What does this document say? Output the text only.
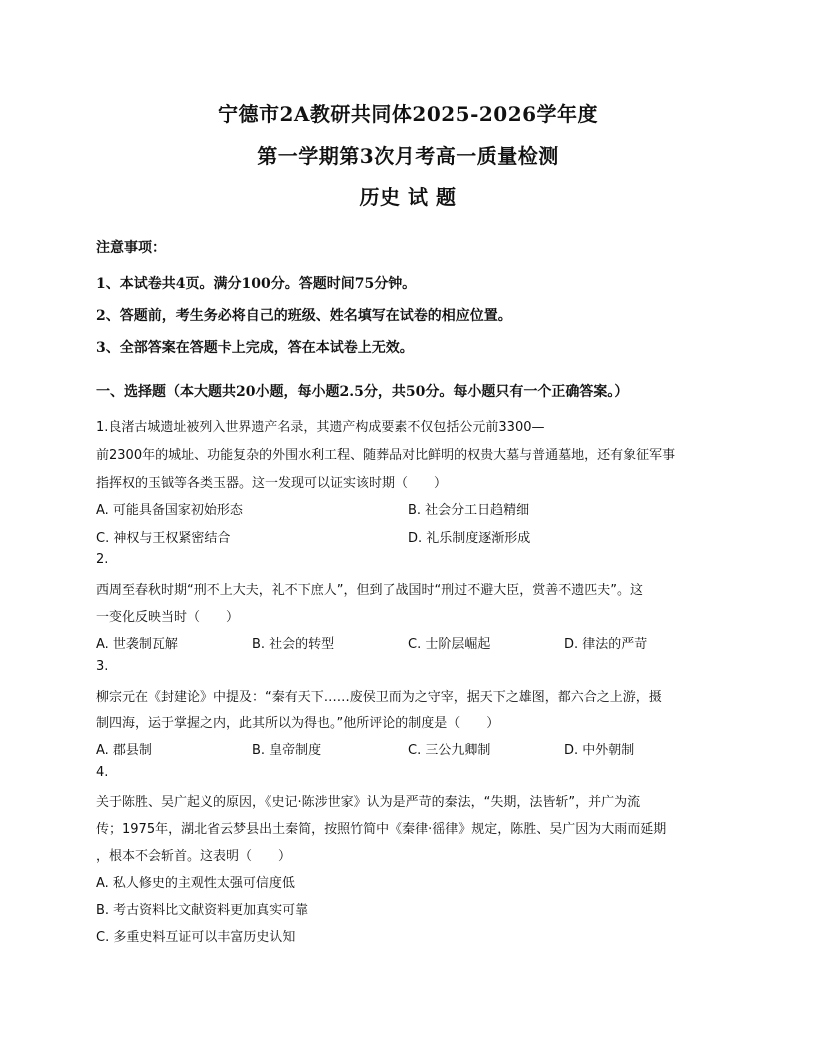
宁德市2A教研共同体2025-2026学年度
第一学期第3次月考高一质量检测
历史 试 题
注意事项：
1、本试卷共4页。满分100分。答题时间75分钟。
2、答题前，考生务必将自己的班级、姓名填写在试卷的相应位置。
3、全部答案在答题卡上完成，答在本试卷上无效。
一、选择题（本大题共20小题，每小题2.5分，共50分。每小题只有一个正确答案。）
1.良渚古城遗址被列入世界遗产名录，其遗产构成要素不仅包括公元前3300—
前2300年的城址、功能复杂的外围水利工程、随葬品对比鲜明的权贵大墓与普通墓地，还有象征军事
指挥权的玉钺等各类玉器。这一发现可以证实该时期（　　）
A. 可能具备国家初始形态	B. 社会分工日趋精细
C. 神权与王权紧密结合	D. 礼乐制度逐渐形成
2.
西周至春秋时期“刑不上大夫，礼不下庶人”，但到了战国时“刑过不避大臣，赏善不遗匹夫”。这
一变化反映当时（　　）
A. 世袭制瓦解	B. 社会的转型	C. 士阶层崛起	D. 律法的严苛
3.
柳宗元在《封建论》中提及：“秦有天下……废侯卫而为之守宰，据天下之雄图，都六合之上游，摄
制四海，运于掌握之内，此其所以为得也。”他所评论的制度是（　　）
A. 郡县制	B. 皇帝制度	C. 三公九卿制	D. 中外朝制
4.
关于陈胜、吴广起义的原因，《史记·陈涉世家》认为是严苛的秦法，“失期，法皆斩”，并广为流
传；1975年，湖北省云梦县出土秦简，按照竹简中《秦律·徭律》规定，陈胜、吴广因为大雨而延期
，根本不会斩首。这表明（　　）
A. 私人修史的主观性太强可信度低
B. 考古资料比文献资料更加真实可靠
C. 多重史料互证可以丰富历史认知
